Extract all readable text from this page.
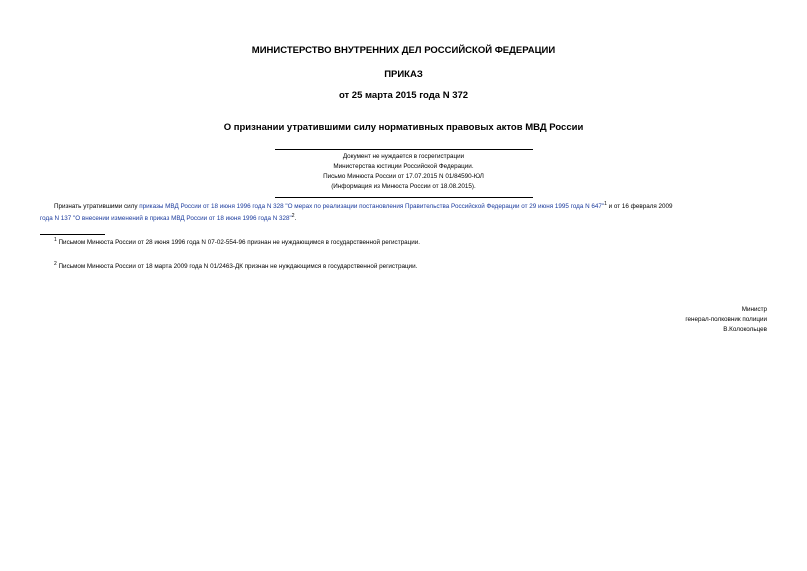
МИНИСТЕРСТВО ВНУТРЕННИХ ДЕЛ РОССИЙСКОЙ ФЕДЕРАЦИИ
ПРИКАЗ
от 25 марта 2015 года N 372
О признании утратившими силу нормативных правовых актов МВД России
Документ не нуждается в госрегистрации
Министерства юстиции Российской Федерации.
Письмо Минюста России от 17.07.2015 N 01/84590-ЮЛ
(Информация из Минюста России от 18.08.2015).
Признать утратившими силу приказы МВД России от 18 июня 1996 года N 328 "О мерах по реализации постановления Правительства Российской Федерации от 29 июня 1995 года N 647"$^1$ и от 16 февраля 2009
года N 137 "О внесении изменений в приказ МВД России от 18 июня 1996 года N 328"$^2$.
$^1$ Письмом Минюста России от 28 июня 1996 года N 07-02-554-96 признан не нуждающимся в государственной регистрации.
$^2$ Письмом Минюста России от 18 марта 2009 года N 01/2463-ДК признан не нуждающимся в государственной регистрации.
Министр
генерал-полковник полиции
В.Колокольцев
